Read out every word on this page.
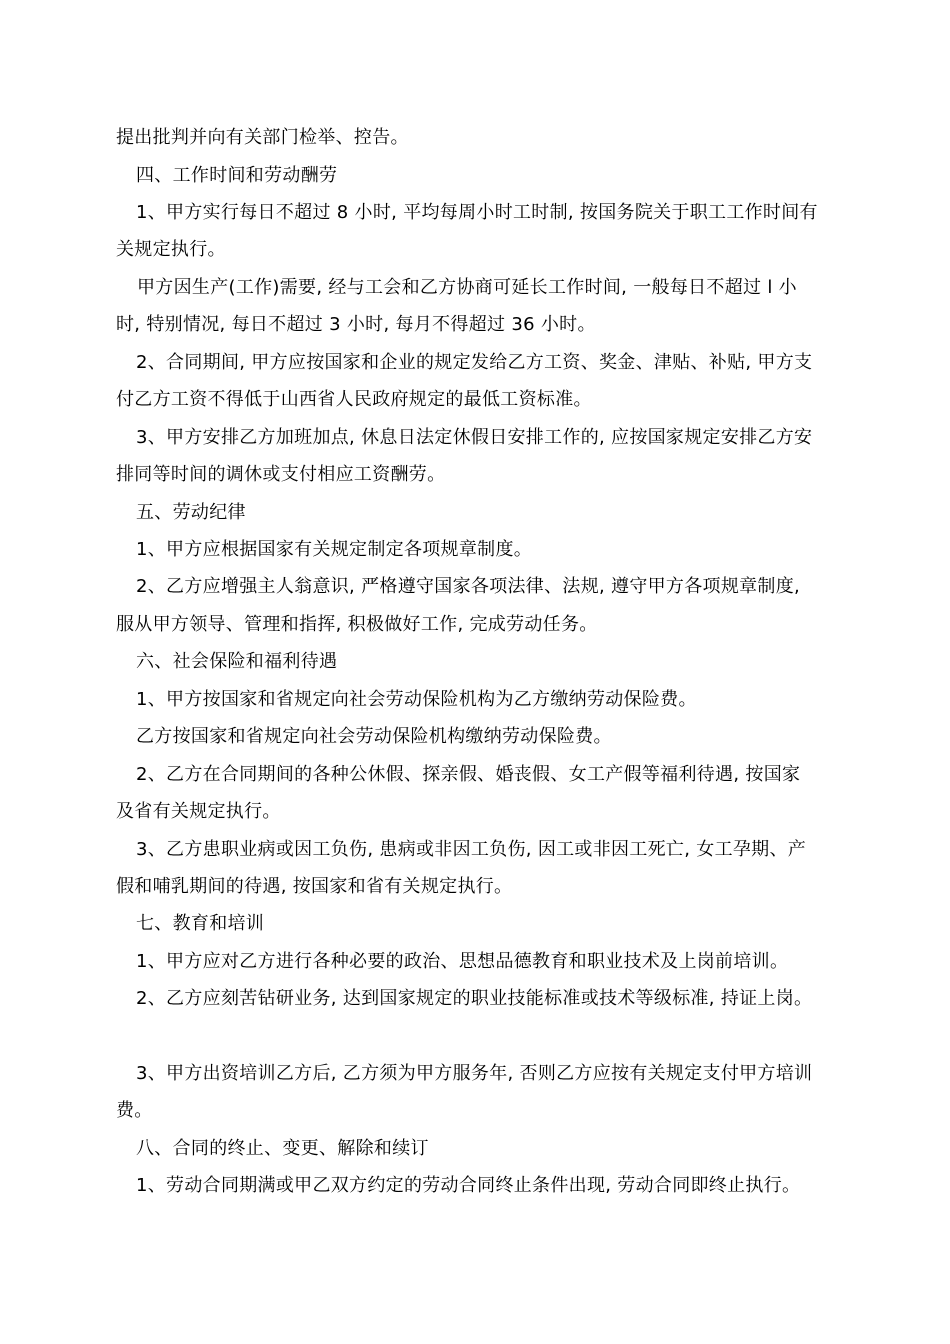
提出批判并向有关部门检举、控告。
四、工作时间和劳动酬劳
1、甲方实行每日不超过 8 小时, 平均每周小时工时制, 按国务院关于职工工作时间有
关规定执行。
甲方因生产(工作)需要, 经与工会和乙方协商可延长工作时间, 一般每日不超过 l 小
时, 特别情况, 每日不超过 3 小时, 每月不得超过 36 小时。
2、合同期间, 甲方应按国家和企业的规定发给乙方工资、奖金、津贴、补贴, 甲方支
付乙方工资不得低于山西省人民政府规定的最低工资标准。
3、甲方安排乙方加班加点, 休息日法定休假日安排工作的, 应按国家规定安排乙方安
排同等时间的调休或支付相应工资酬劳。
五、劳动纪律
1、甲方应根据国家有关规定制定各项规章制度。
2、乙方应增强主人翁意识, 严格遵守国家各项法律、法规, 遵守甲方各项规章制度,
服从甲方领导、管理和指挥, 积极做好工作, 完成劳动任务。
六、社会保险和福利待遇
1、甲方按国家和省规定向社会劳动保险机构为乙方缴纳劳动保险费。
乙方按国家和省规定向社会劳动保险机构缴纳劳动保险费。
2、乙方在合同期间的各种公休假、探亲假、婚丧假、女工产假等福利待遇, 按国家
及省有关规定执行。
3、乙方患职业病或因工负伤, 患病或非因工负伤, 因工或非因工死亡, 女工孕期、产
假和哺乳期间的待遇, 按国家和省有关规定执行。
七、教育和培训
1、甲方应对乙方进行各种必要的政治、思想品德教育和职业技术及上岗前培训。
2、乙方应刻苦钻研业务, 达到国家规定的职业技能标准或技术等级标准, 持证上岗。
3、甲方出资培训乙方后, 乙方须为甲方服务年, 否则乙方应按有关规定支付甲方培训
费。
八、合同的终止、变更、解除和续订
1、劳动合同期满或甲乙双方约定的劳动合同终止条件出现, 劳动合同即终止执行。
